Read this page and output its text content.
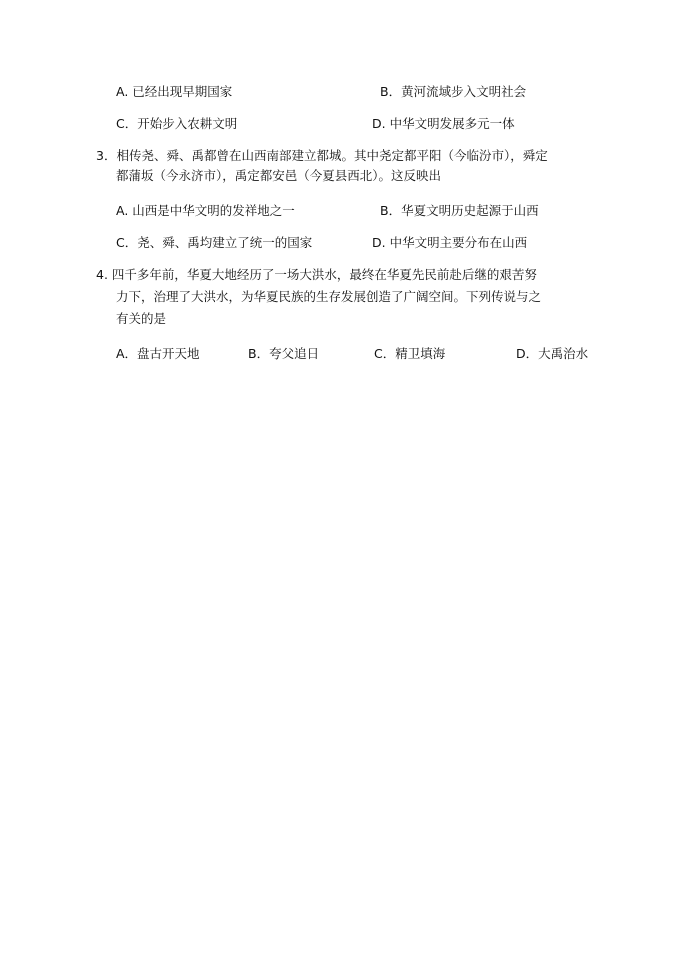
A. 已经出现早期国家	B．黄河流域步入文明社会
C．开始步入农耕文明	D. 中华文明发展多元一体
3．相传尧、舜、禹都曾在山西南部建立都城。其中尧定都平阳（今临汾市），舜定
都蒲坂（今永济市），禹定都安邑（今夏县西北）。这反映出
A. 山西是中华文明的发祥地之一	B．华夏文明历史起源于山西
C．尧、舜、禹均建立了统一的国家	D. 中华文明主要分布在山西
4. 四千多年前，华夏大地经历了一场大洪水，最终在华夏先民前赴后继的艰苦努
力下，治理了大洪水，为华夏民族的生存发展创造了广阔空间。下列传说与之
有关的是
A．盘古开天地	B．夸父追日	C．精卫填海	D．大禹治水
